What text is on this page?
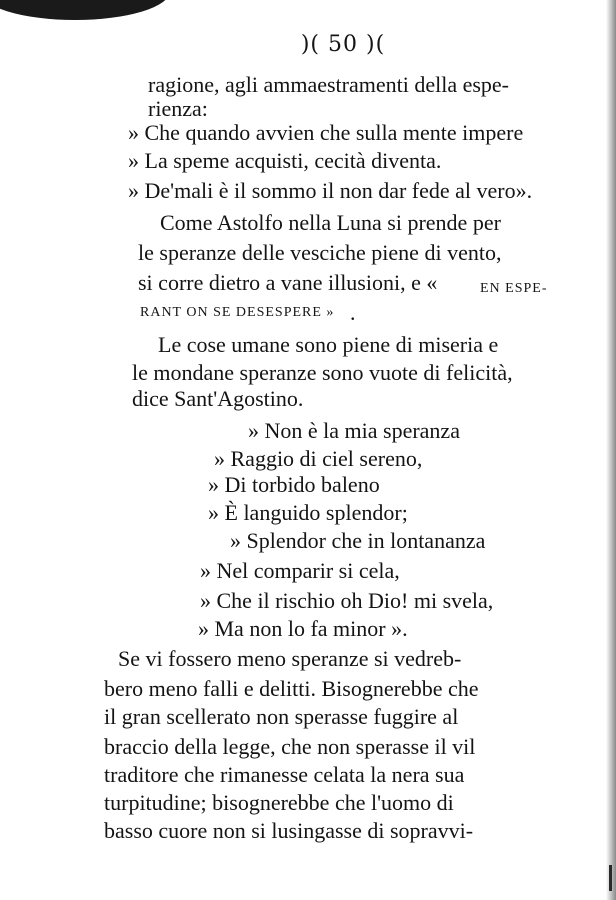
)( 50 )(
ragione, agli ammaestramenti della espe-
rienza:
» Che quando avvien che sulla mente impere
» La speme acquisti, cecità diventa.
» De'mali è il sommo il non dar fede al vero».
Come Astolfo nella Luna si prende per
le speranze delle vesciche piene di vento,
si corre dietro a vane illusioni, e «	EN ESPE-
RANT ON SE DESESPERE » .
Le cose umane sono piene di miseria e
le mondane speranze sono vuote di felicità,
dice Sant'Agostino.
» Non è la mia speranza
» Raggio di ciel sereno,
» Di torbido baleno
» È languido splendor;
» Splendor che in lontananza
» Nel comparir si cela,
» Che il rischio oh Dio! mi svela,
» Ma non lo fa minor ».
Se vi fossero meno speranze si vedreb-
bero meno falli e delitti. Bisognerebbe che
il gran scellerato non sperasse fuggire al
braccio della legge, che non sperasse il vil
traditore che rimanesse celata la nera sua
turpitudine; bisognerebbe che l'uomo di
basso cuore non si lusingasse di sopravvi-
